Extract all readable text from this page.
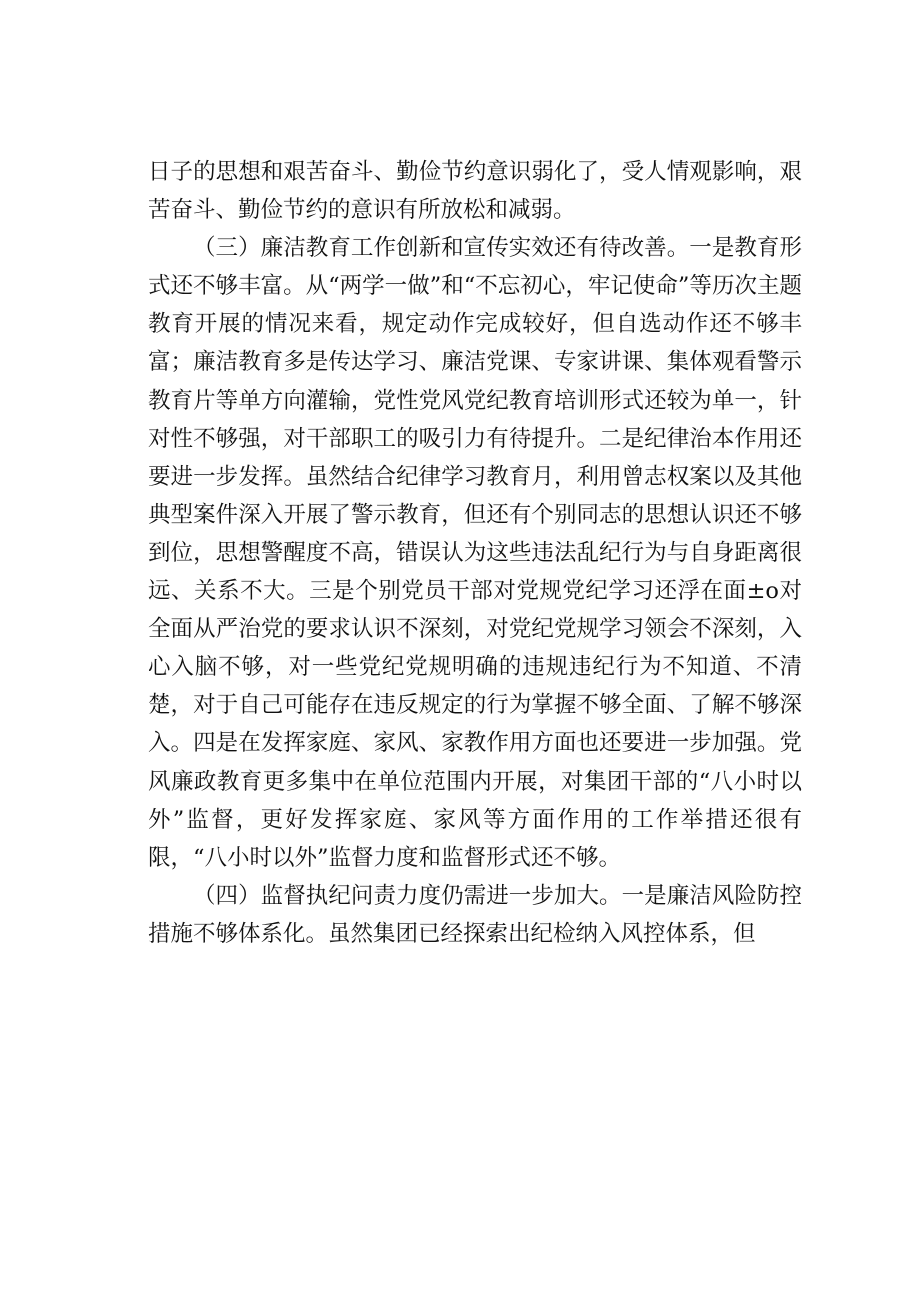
日子的思想和艰苦奋斗、勤俭节约意识弱化了，受人情观影响，艰苦奋斗、勤俭节约的意识有所放松和减弱。

（三）廉洁教育工作创新和宣传实效还有待改善。一是教育形式还不够丰富。从“两学一做”和“不忘初心，牢记使命”等历次主题教育开展的情况来看，规定动作完成较好，但自选动作还不够丰富；廉洁教育多是传达学习、廉洁党课、专家讲课、集体观看警示教育片等单方向灌输，党性党风党纪教育培训形式还较为单一，针对性不够强，对干部职工的吸引力有待提升。二是纪律治本作用还要进一步发挥。虽然结合纪律学习教育月，利用曾志权案以及其他典型案件深入开展了警示教育，但还有个别同志的思想认识还不够到位，思想警醒度不高，错误认为这些违法乱纪行为与自身距离很远、关系不大。三是个别党员干部对党规党纪学习还浮在面±o对全面从严治党的要求认识不深刻，对党纪党规学习领会不深刻，入心入脑不够，对一些党纪党规明确的违规违纪行为不知道、不清楚，对于自己可能存在违反规定的行为掌握不够全面、了解不够深入。四是在发挥家庭、家风、家教作用方面也还要进一步加强。党风廉政教育更多集中在单位范围内开展，对集团干部的“八小时以外”监督，更好发挥家庭、家风等方面作用的工作举措还很有限，“八小时以外”监督力度和监督形式还不够。

（四）监督执纪问责力度仍需进一步加大。一是廉洁风险防控措施不够体系化。虽然集团已经探索出纪检纳入风控体系，但
